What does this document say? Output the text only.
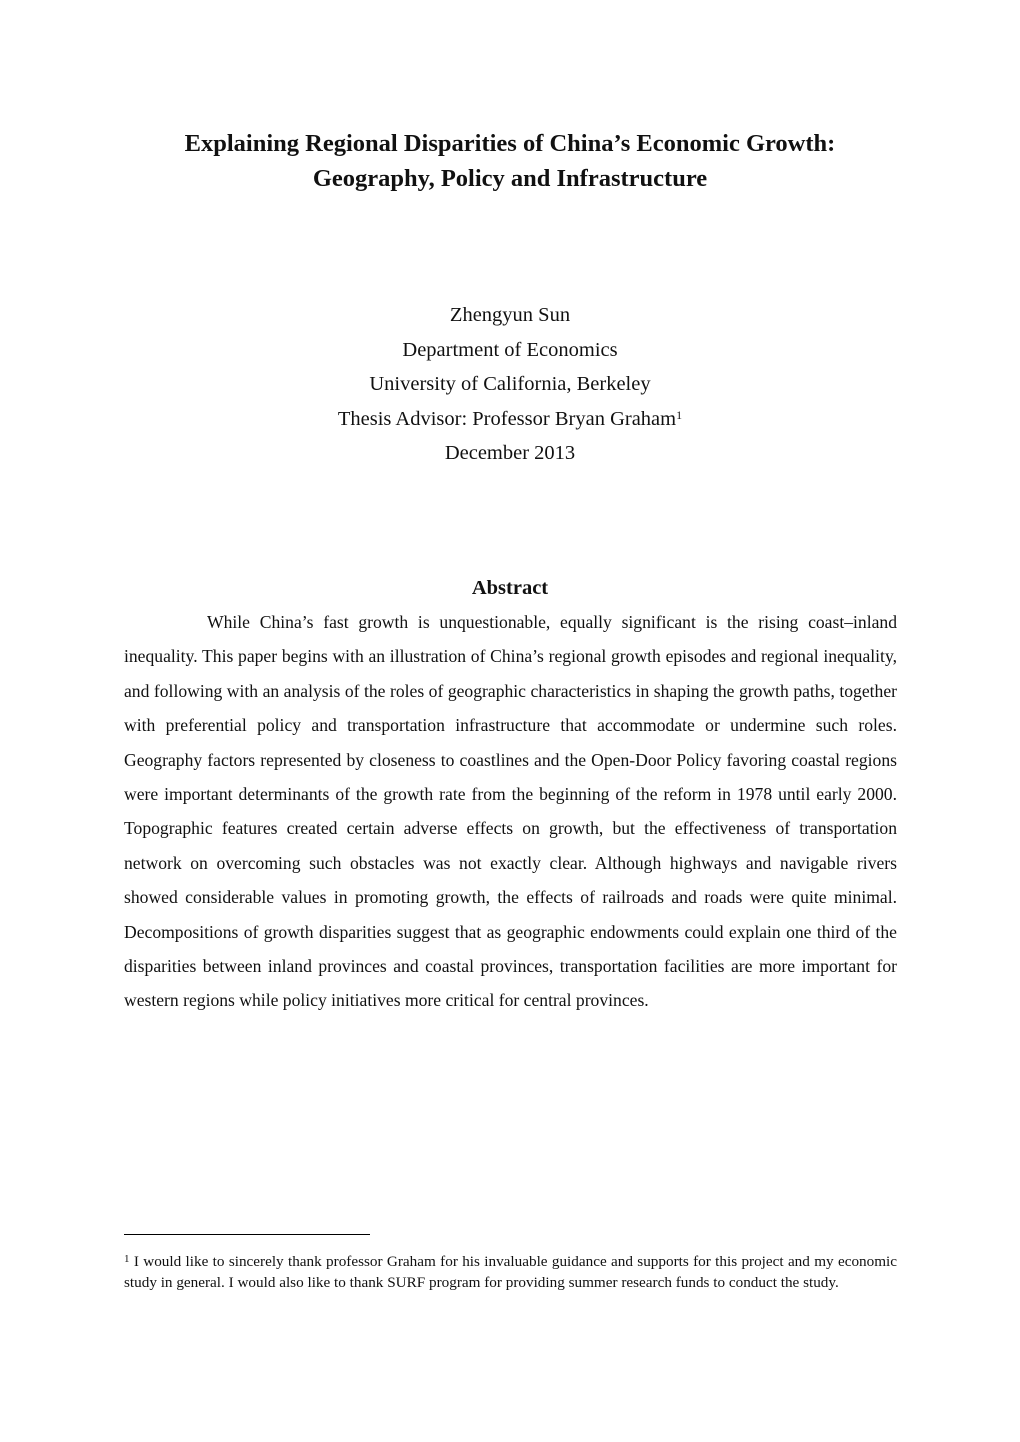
Explaining Regional Disparities of China’s Economic Growth:
Geography, Policy and Infrastructure
Zhengyun Sun
Department of Economics
University of California, Berkeley
Thesis Advisor: Professor Bryan Graham$^1$
December 2013
Abstract

While China’s fast growth is unquestionable, equally significant is the rising coast–inland inequality. This paper begins with an illustration of China’s regional growth episodes and regional inequality, and following with an analysis of the roles of geographic characteristics in shaping the growth paths, together with preferential policy and transportation infrastructure that accommodate or undermine such roles. Geography factors represented by closeness to coastlines and the Open-Door Policy favoring coastal regions were important determinants of the growth rate from the beginning of the reform in 1978 until early 2000. Topographic features created certain adverse effects on growth, but the effectiveness of transportation network on overcoming such obstacles was not exactly clear. Although highways and navigable rivers showed considerable values in promoting growth, the effects of railroads and roads were quite minimal. Decompositions of growth disparities suggest that as geographic endowments could explain one third of the disparities between inland provinces and coastal provinces, transportation facilities are more important for western regions while policy initiatives more critical for central provinces.

$^1$ I would like to sincerely thank professor Graham for his invaluable guidance and supports for this project and my economic study in general. I would also like to thank SURF program for providing summer research funds to conduct the study.
